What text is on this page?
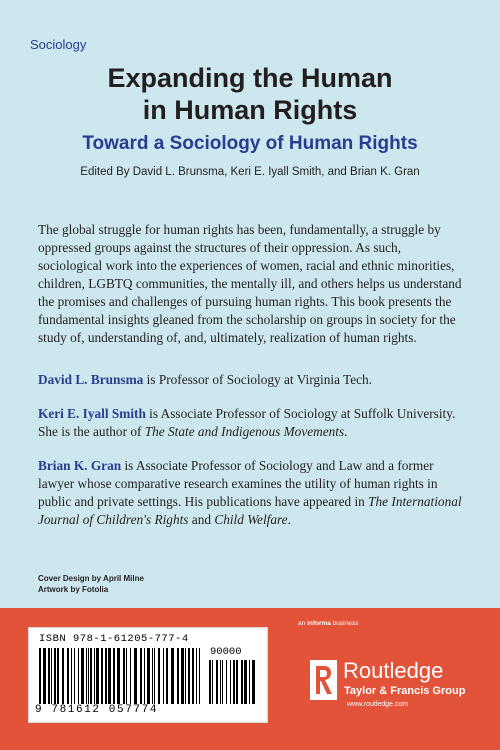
Sociology
Expanding the Human
in Human Rights
Toward a Sociology of Human Rights
Edited By David L. Brunsma, Keri E. Iyall Smith, and Brian K. Gran

The global struggle for human rights has been, fundamentally, a struggle by oppressed groups against the structures of their oppression. As such, sociological work into the experiences of women, racial and ethnic minorities, children, LGBTQ communities, the mentally ill, and others helps us understand the promises and challenges of pursuing human rights. This book presents the fundamental insights gleaned from the scholarship on groups in society for the study of, understanding of, and, ultimately, realization of human rights.

David L. Brunsma is Professor of Sociology at Virginia Tech.

Keri E. Iyall Smith is Associate Professor of Sociology at Suffolk University. She is the author of The State and Indigenous Movements.

Brian K. Gran is Associate Professor of Sociology and Law and a former lawyer whose comparative research examines the utility of human rights in public and private settings. His publications have appeared in The International Journal of Children's Rights and Child Welfare.

Cover Design by April Milne
Artwork by Fotolia
an informa business
ISBN 978-1-61205-777-4
90000
9 781612 057774
Routledge
Taylor & Francis Group
www.routledge.com
